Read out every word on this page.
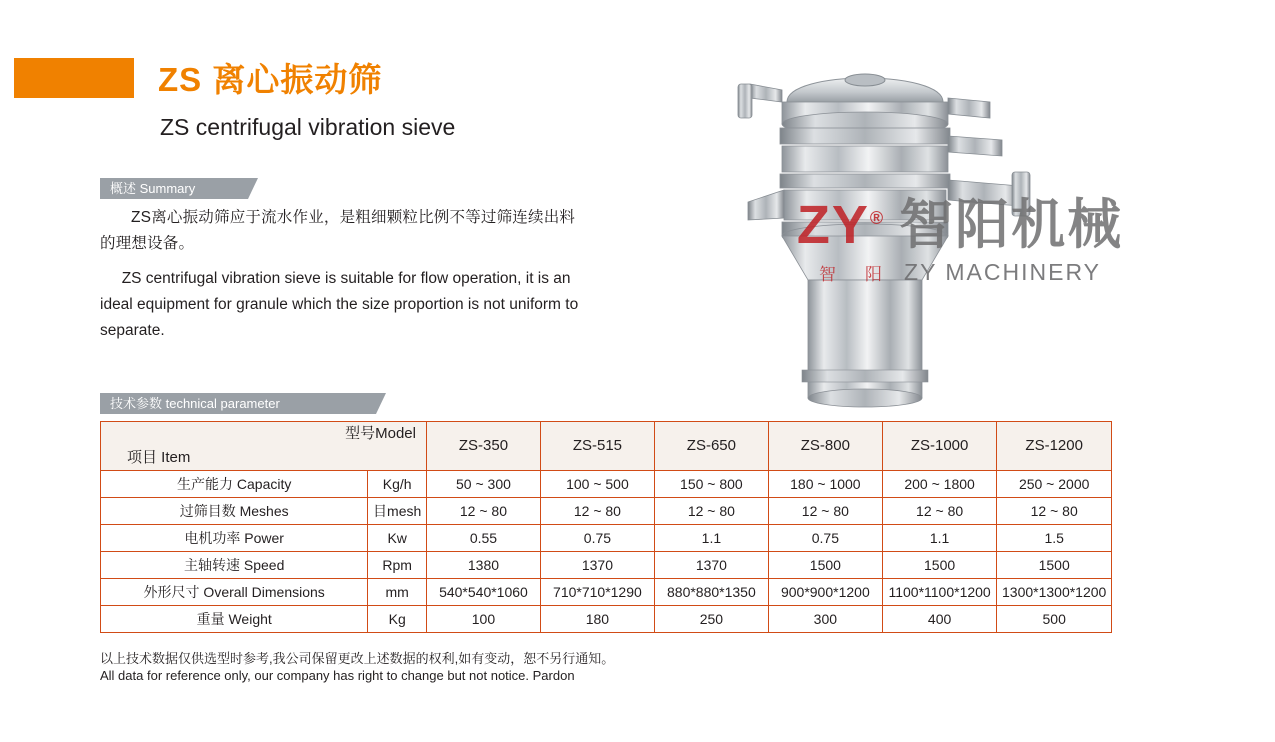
ZS 离心振动筛
ZS centrifugal vibration sieve
概述 Summary

ZS离心振动筛应于流水作业，是粗细颗粒比例不等过筛连续出料的理想设备。

ZS centrifugal vibration sieve is suitable for flow operation, it is an ideal equipment for granule which the size proportion is not uniform to separate.

ZY® 智阳机械
智　阳 ZY MACHINERY
技术参数 technical parameter
型号Model
项目 Item		ZS-350	ZS-515	ZS-650	ZS-800	ZS-1000	ZS-1200
生产能力 Capacity	Kg/h	50 ~ 300	100 ~ 500	150 ~ 800	180 ~ 1000	200 ~ 1800	250 ~ 2000
过筛目数 Meshes	目mesh	12 ~ 80	12 ~ 80	12 ~ 80	12 ~ 80	12 ~ 80	12 ~ 80
电机功率 Power	Kw	0.55	0.75	1.1	0.75	1.1	1.5
主轴转速 Speed	Rpm	1380	1370	1370	1500	1500	1500
外形尺寸 Overall Dimensions	mm	540*540*1060	710*710*1290	880*880*1350	900*900*1200	1100*1100*1200	1300*1300*1200
重量 Weight	Kg	100	180	250	300	400	500
以上技术数据仅供选型时参考,我公司保留更改上述数据的权利,如有变动，恕不另行通知。
All data for reference only, our company has right to change but not notice. Pardon
